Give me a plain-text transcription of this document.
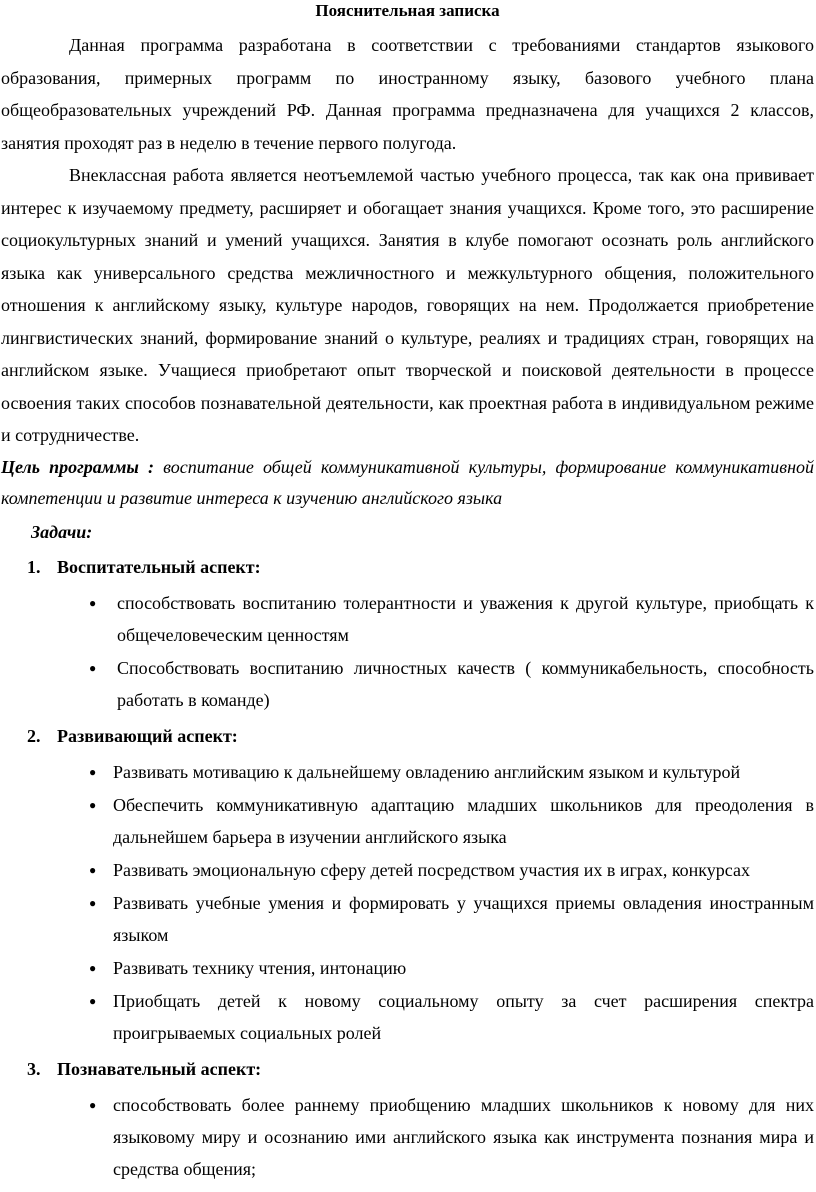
Пояснительная записка

Данная программа разработана в соответствии с требованиями стандартов языкового образования, примерных программ по иностранному языку, базового учебного плана общеобразовательных учреждений РФ. Данная программа предназначена для учащихся 2 классов, занятия проходят раз в неделю в течение первого полугода.

Внеклассная работа является неотъемлемой частью учебного процесса, так как она прививает интерес к изучаемому предмету, расширяет и обогащает знания учащихся. Кроме того, это расширение социокультурных знаний и умений учащихся. Занятия в клубе помогают осознать роль английского языка как универсального средства межличностного и межкультурного общения, положительного отношения к английскому языку, культуре народов, говорящих на нем. Продолжается приобретение лингвистических знаний, формирование знаний о культуре, реалиях и традициях стран, говорящих на английском языке. Учащиеся приобретают опыт творческой и поисковой деятельности в процессе освоения таких способов познавательной деятельности, как проектная работа в индивидуальном режиме и сотрудничестве.

Цель программы : воспитание общей коммуникативной культуры, формирование коммуникативной компетенции и развитие интереса к изучению английского языка

Задачи:
1. Воспитательный аспект:
● способствовать воспитанию толерантности и уважения к другой культуре, приобщать к общечеловеческим ценностям
● Способствовать воспитанию личностных качеств ( коммуникабельность, способность работать в команде)
2. Развивающий аспект:
● Развивать мотивацию к дальнейшему овладению английским языком и культурой
● Обеспечить коммуникативную адаптацию младших школьников для преодоления в дальнейшем барьера в изучении английского языка
● Развивать эмоциональную сферу детей посредством участия их в играх, конкурсах
● Развивать учебные умения и формировать у учащихся приемы овладения иностранным языком
● Развивать технику чтения, интонацию
● Приобщать детей к новому социальному опыту за счет расширения спектра проигрываемых социальных ролей
3. Познавательный аспект:
● способствовать более раннему приобщению младших школьников к новому для них языковому миру и осознанию ими английского языка как инструмента познания мира и средства общения;
